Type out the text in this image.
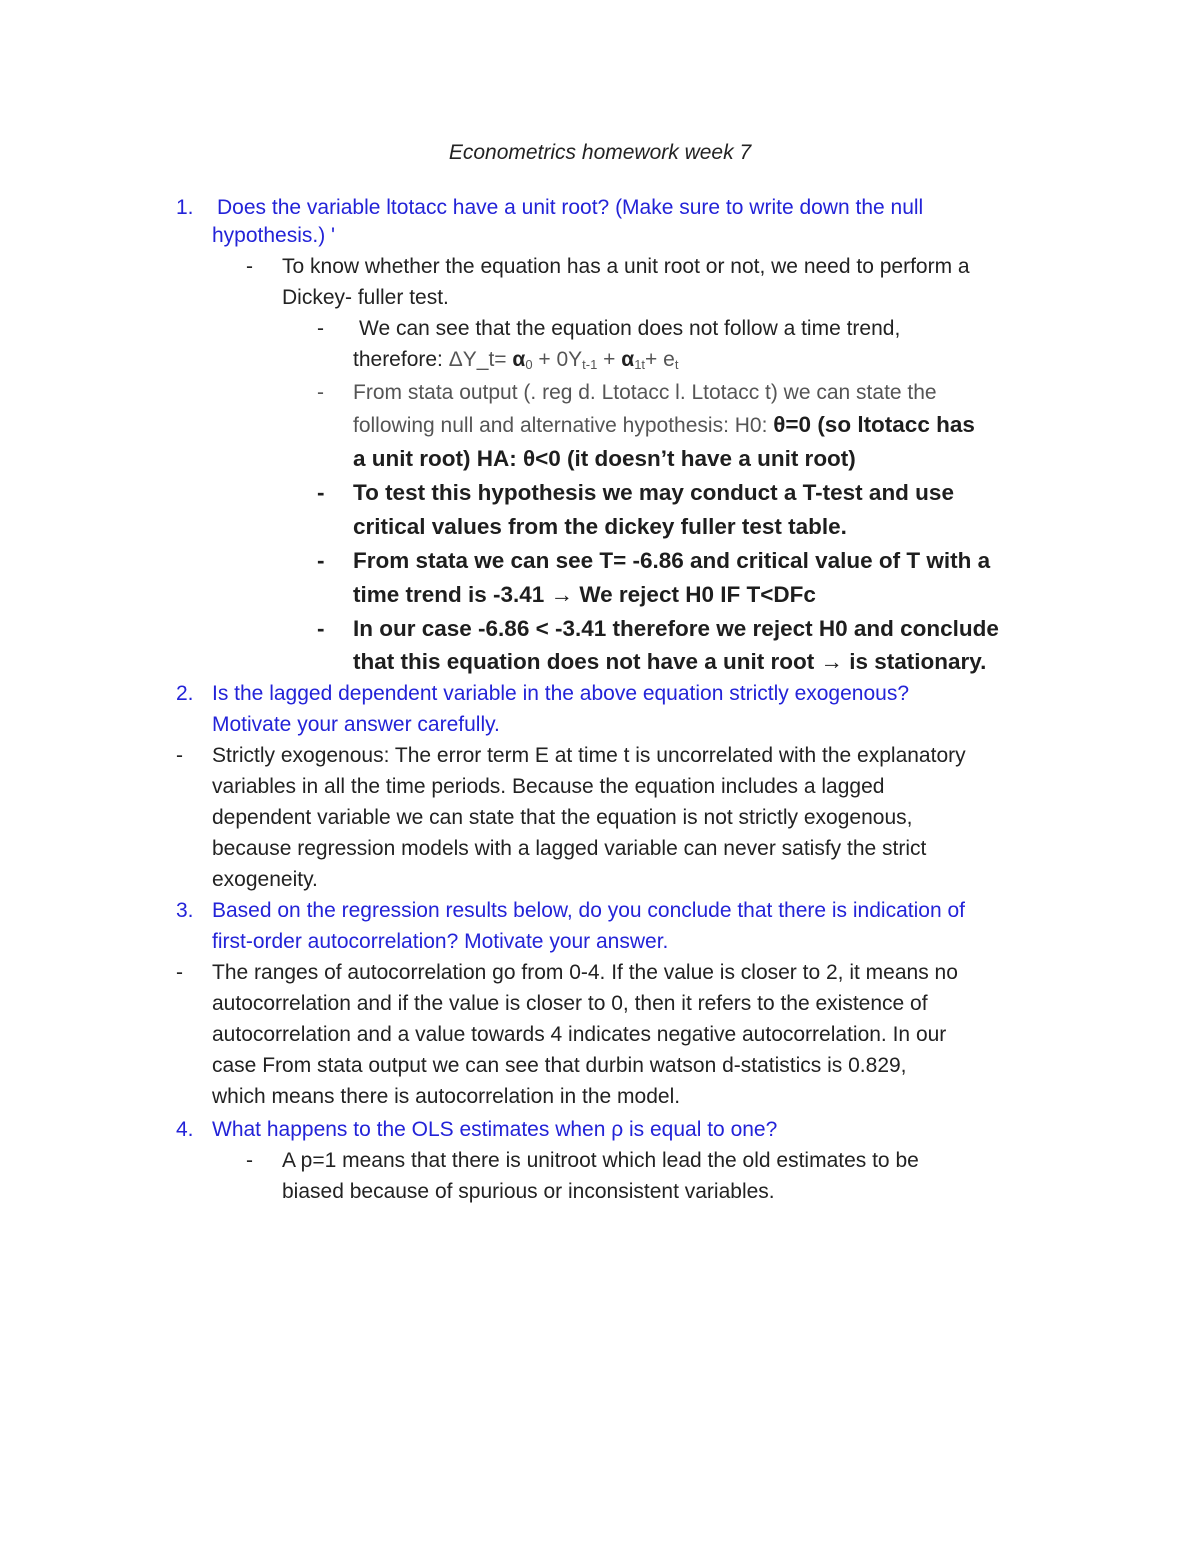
Econometrics homework week 7
1. Does the variable ltotacc have a unit root? (Make sure to write down the null
hypothesis.) '
- To know whether the equation has a unit root or not, we need to perform a
Dickey- fuller test.
- We can see that the equation does not follow a time trend,
therefore: ΔY_t= $\alpha_0 + 0Y_{t-1} + \alpha_{1t}+ e_t$
- From stata output (. reg d. Ltotacc l. Ltotacc t) we can state the
following null and alternative hypothesis: H0: θ=0 (so ltotacc has
a unit root) HA: θ<0 (it doesn’t have a unit root)
- To test this hypothesis we may conduct a T-test and use
critical values from the dickey fuller test table.
- From stata we can see T= -6.86 and critical value of T with a
time trend is -3.41 → We reject H0 IF T<DFc
- In our case -6.86 < -3.41 therefore we reject H0 and conclude
that this equation does not have a unit root → is stationary.
2. Is the lagged dependent variable in the above equation strictly exogenous?
Motivate your answer carefully.
- Strictly exogenous: The error term E at time t is uncorrelated with the explanatory
variables in all the time periods. Because the equation includes a lagged
dependent variable we can state that the equation is not strictly exogenous,
because regression models with a lagged variable can never satisfy the strict
exogeneity.
3. Based on the regression results below, do you conclude that there is indication of
first-order autocorrelation? Motivate your answer.
- The ranges of autocorrelation go from 0-4. If the value is closer to 2, it means no
autocorrelation and if the value is closer to 0, then it refers to the existence of
autocorrelation and a value towards 4 indicates negative autocorrelation. In our
case From stata output we can see that durbin watson d-statistics is 0.829,
which means there is autocorrelation in the model.
4. What happens to the OLS estimates when ρ is equal to one?
- A p=1 means that there is unitroot which lead the old estimates to be
biased because of spurious or inconsistent variables.
